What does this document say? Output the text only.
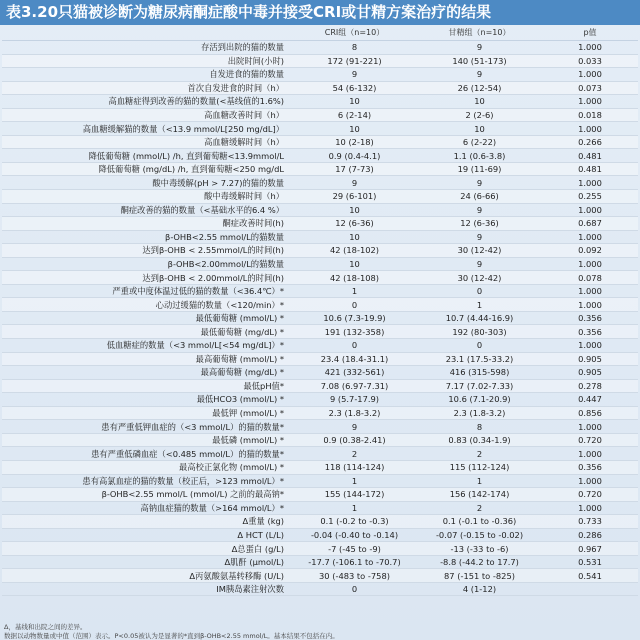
表3.20只猫被诊断为糖尿病酮症酸中毒并接受CRI或甘精方案治疗的结果
	CRI组（n=10）	甘精组（n=10）	p值
存活到出院的猫的数量	8	9	1.000
出院时间(小时)	172 (91-221)	140 (51-173)	0.033
自发进食的猫的数量	9	9	1.000
首次自发进食的时间（h）	54 (6-132)	26 (12-54)	0.073
高血糖症得到改善的猫的数量(<基线值的1.6%)	10	10	1.000
高血糖改善时间（h）	6 (2-14)	2 (2-6)	0.018
高血糖缓解猫的数量（<13.9 mmol/L[250 mg/dL]）	10	10	1.000
高血糖缓解时间（h）	10 (2-18)	6 (2-22)	0.266
降低葡萄糖 (mmol/L) /h, 直到葡萄糖<13.9mmol/L	0.9 (0.4-4.1)	1.1 (0.6-3.8)	0.481
降低葡萄糖 (mg/dL) /h, 直到葡萄糖<250 mg/dL	17 (7-73)	19 (11-69)	0.481
酸中毒缓解(pH > 7.27)的猫的数量	9	9	1.000
酸中毒缓解时间（h）	29 (6-101)	24 (6-66)	0.255
酮症改善的猫的数量（<基础水平的6.4 %）	10	9	1.000
酮症改善时间(h)	12 (6-36)	12 (6-36)	0.687
β-OHB<2.55 mmol/L的猫数量	10	9	1.000
达到β-OHB < 2.55mmol/L的时间(h)	42 (18-102)	30 (12-42)	0.092
β-OHB<2.00mmol/L的猫数量	10	9	1.000
达到β-OHB < 2.00mmol/L的时间(h)	42 (18-108)	30 (12-42)	0.078
严重或中度体温过低的猫的数量（<36.4℃）*	1	0	1.000
心动过缓猫的数量（<120/min）*	0	1	1.000
最低葡萄糖 (mmol/L) *	10.6 (7.3-19.9)	10.7 (4.44-16.9)	0.356
最低葡萄糖 (mg/dL) *	191 (132-358)	192 (80-303)	0.356
低血糖症的数量（<3 mmol/L[<54 mg/dL]）*	0	0	1.000
最高葡萄糖 (mmol/L) *	23.4 (18.4-31.1)	23.1 (17.5-33.2)	0.905
最高葡萄糖 (mg/dL) *	421 (332-561)	416 (315-598)	0.905
最低pH值*	7.08 (6.97-7.31)	7.17 (7.02-7.33)	0.278
最低HCO3 (mmol/L) *	9 (5.7-17.9)	10.6 (7.1-20.9)	0.447
最低钾 (mmol/L) *	2.3 (1.8-3.2)	2.3 (1.8-3.2)	0.856
患有严重低钾血症的（<3 mmol/L）的猫的数量*	9	8	1.000
最低磷 (mmol/L) *	0.9 (0.38-2.41)	0.83 (0.34-1.9)	0.720
患有严重低磷血症（<0.485 mmol/L）的猫的数量*	2	2	1.000
最高校正氯化物 (mmol/L) *	118 (114-124)	115 (112-124)	0.356
患有高氯血症的猫的数量（校正后，>123 mmol/L）*	1	1	1.000
β-OHB<2.55 mmol/L (mmol/L) 之前的最高钠*	155 (144-172)	156 (142-174)	0.720
高钠血症猫的数量（>164 mmol/L）*	1	2	1.000
Δ重量 (kg)	0.1 (-0.2 to -0.3)	0.1 (-0.1 to -0.36)	0.733
Δ HCT (L/L)	-0.04 (-0.40 to -0.14)	-0.07 (-0.15 to -0.02)	0.286
Δ总蛋白 (g/L)	-7 (-45 to -9)	-13 (-33 to -6)	0.967
Δ肌酐 (μmol/L)	-17.7 (-106.1 to -70.7)	-8.8 (-44.2 to 17.7)	0.531
Δ丙氨酸氨基转移酶 (U/L)	30 (-483 to -758)	87 (-151 to -825)	0.541
IM胰岛素注射次数	0	4 (1-12)	
Δ，基线和出院之间的差异。
数据以动物数量或中值（范围）表示。P<0.05被认为是显著的*直到β-OHB<2.55 mmol/L。基本结果不包括在内。
